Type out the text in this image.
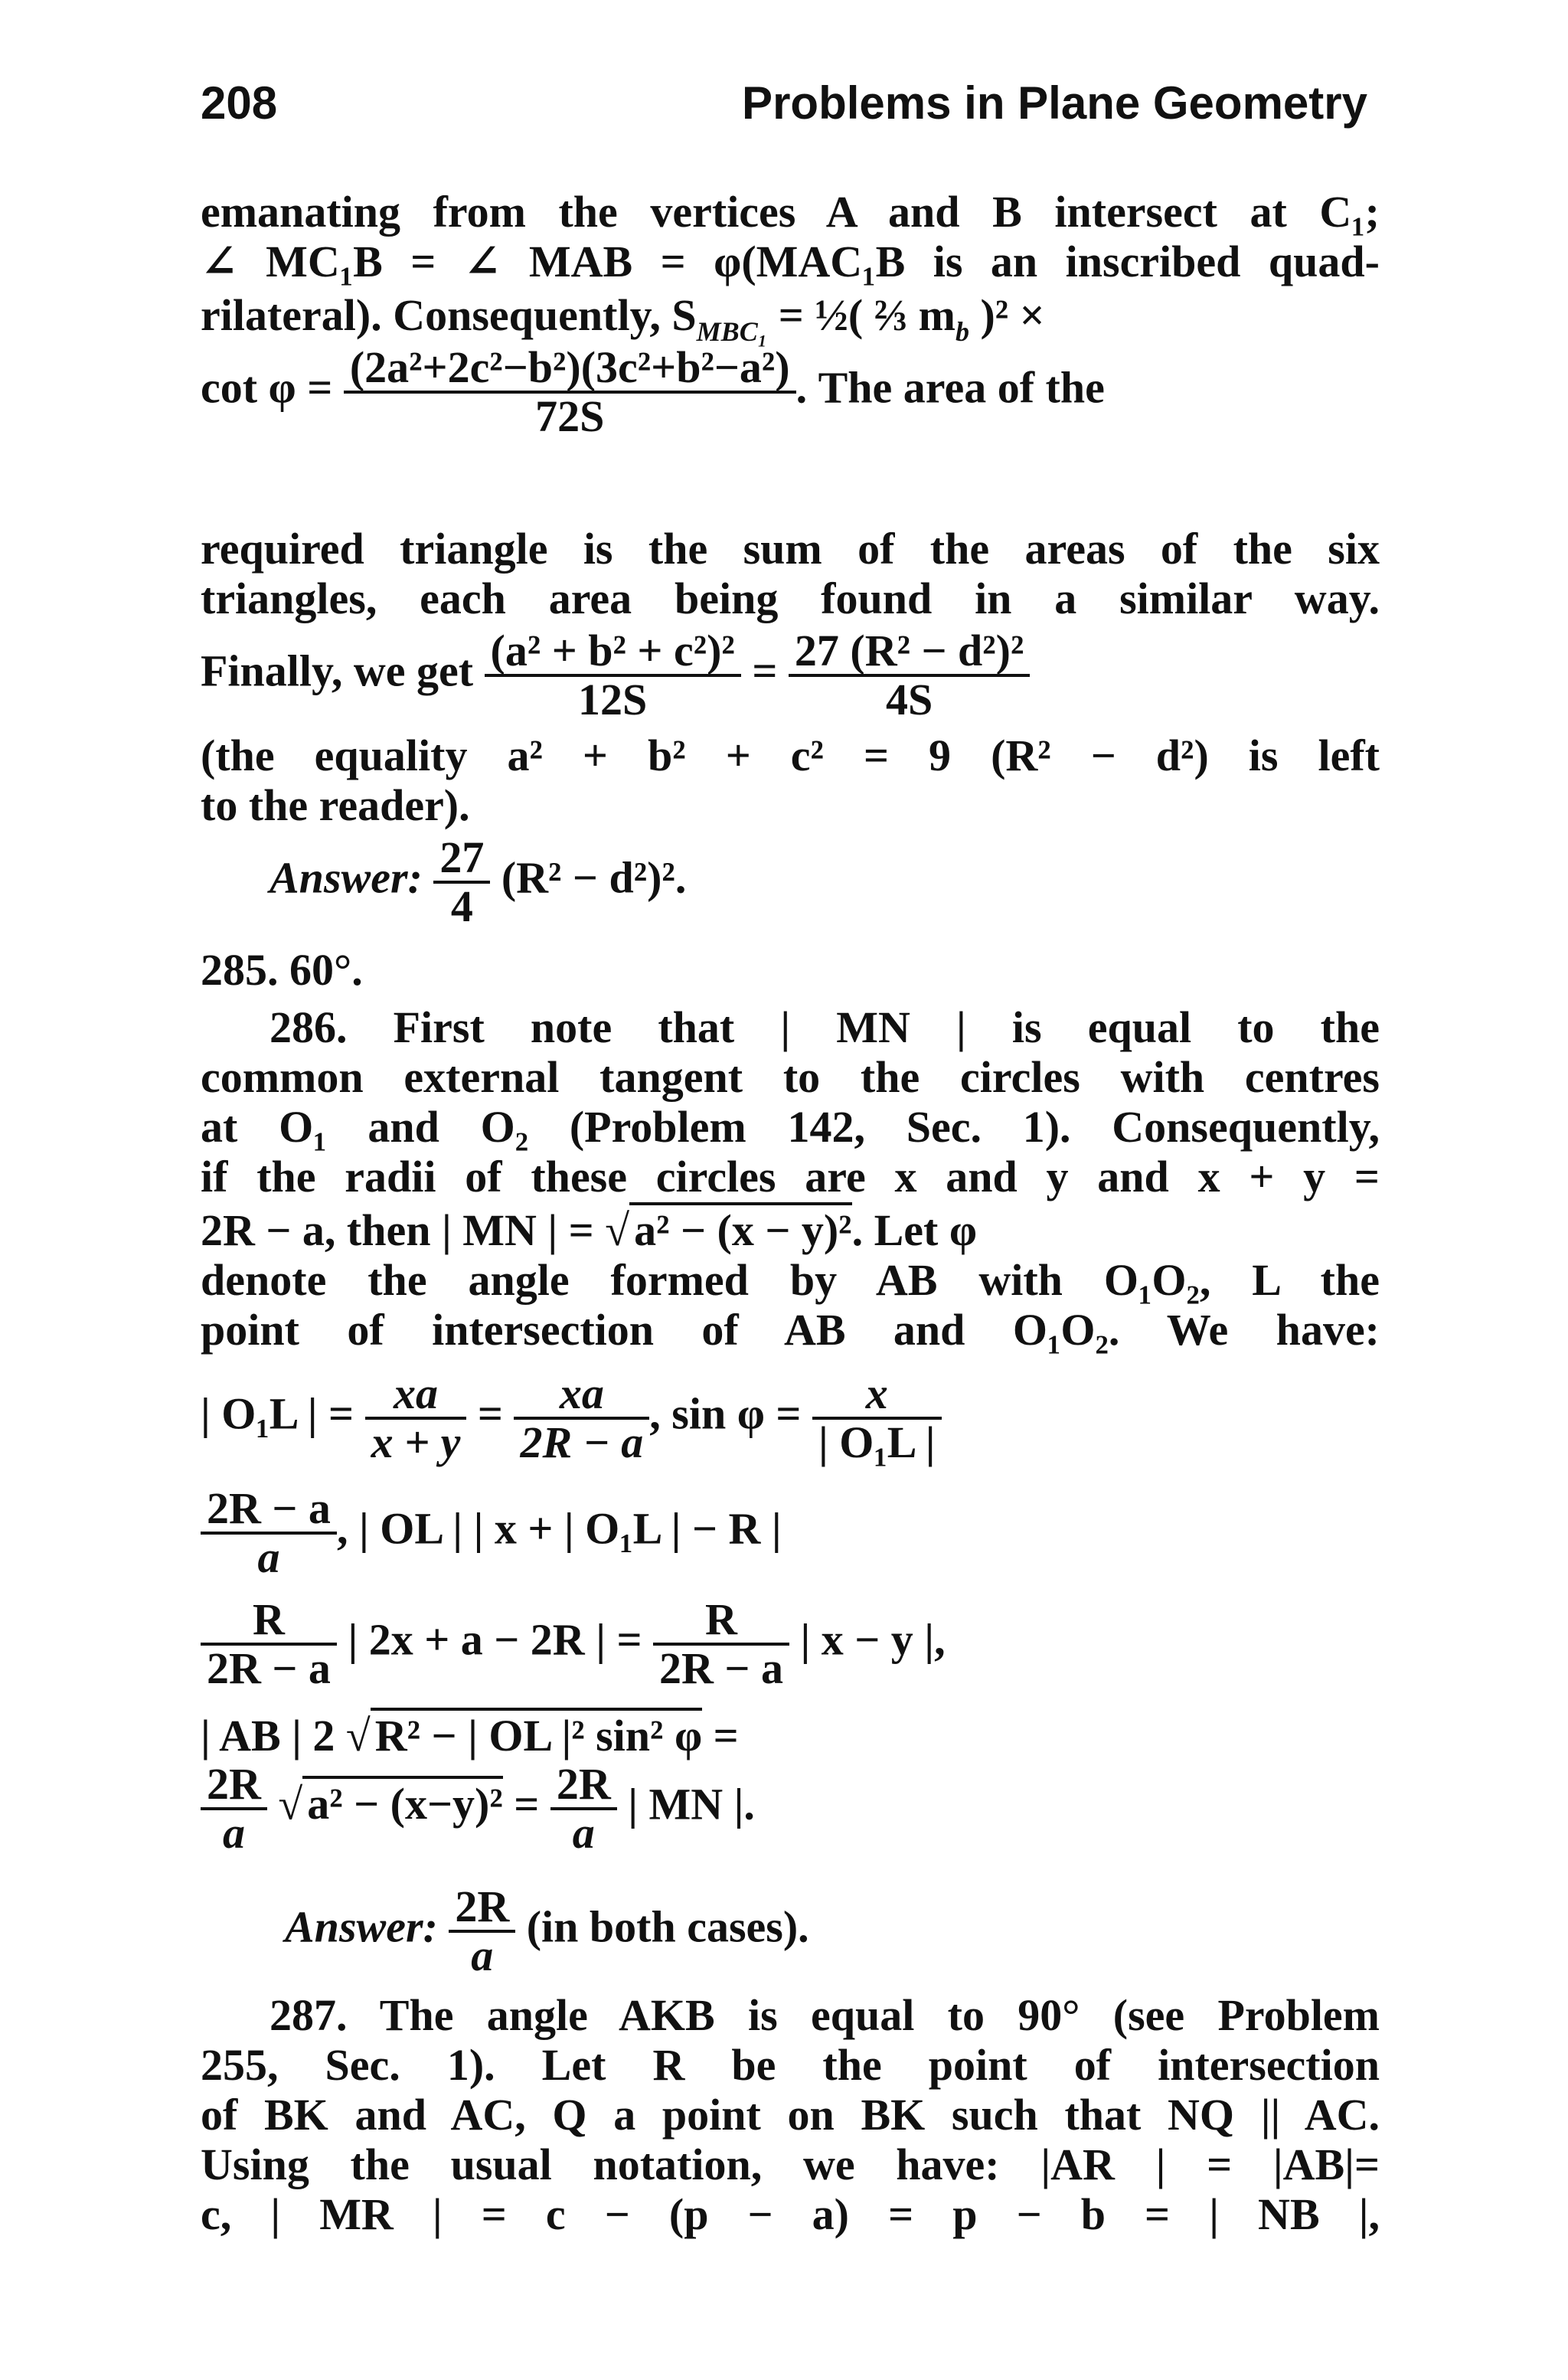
208	Problems in Plane Geometry
emanating from the vertices A and B intersect at C₁;
∠ MC₁B = ∠ MAB = φ(MAC₁B is an inscribed quad-
rilateral). Consequently, $S_{MBC_1}$ = ½( ⅔ $m_b$ )² ×
$\cot \varphi = \frac{\text{(2a²+2c²−b²)(3c²+b²−a²)}}{72S}$ . The area of the
required triangle is the sum of the areas of the six
triangles, each area being found in a similar way.
Finally, we get $\frac{\text{(a² + b² + c²)²}}{12S} = \frac{\text{27 (R² − d²)²}}{4S}$
(the equality a² + b² + c² = 9 (R² − d²) is left
to the reader).
Answer: $\frac{27}{4} (R^2 - d^2)^2$.
285. 60°.
286. First note that | MN | is equal to the
common external tangent to the circles with centres
at O₁ and O₂ (Problem 142, Sec. 1). Consequently,
if the radii of these circles are x and y and x + y =
2R − a, then | MN | = √ a² − (x − y)². Let φ
denote the angle formed by AB with O₁O₂, L the
point of intersection of AB and O₁O₂. We have:
| O₁L | = $\frac{xa}{x + y} = \frac{xa}{2R - a}$ , $\sin \varphi = \frac{x}{\text{| O₁L |}}$
$\frac{2R - a}{a}$ , | OL | | x + | O₁L | − R |
$\frac{R}{2R - a}$ | 2x + a − 2R | = $\frac{R}{2R - a}$ | x − y |,
| AB | 2 √ R² − | OL |² sin² φ =
$\frac{2R}{a}$ √ $a^2 - (x-y)^2 = \frac{2R}{a}$ | MN |.
Answer: $\frac{2R}{a} (in$ both cases).
287. The angle AKB is equal to 90° (see Problem
255, Sec. 1). Let R be the point of intersection
of BK and AC, Q a point on BK such that NQ || AC.
Using the usual notation, we have: |AR | = |AB|=
c, | MR | = c − (p − a) = p − b = | NB |,
